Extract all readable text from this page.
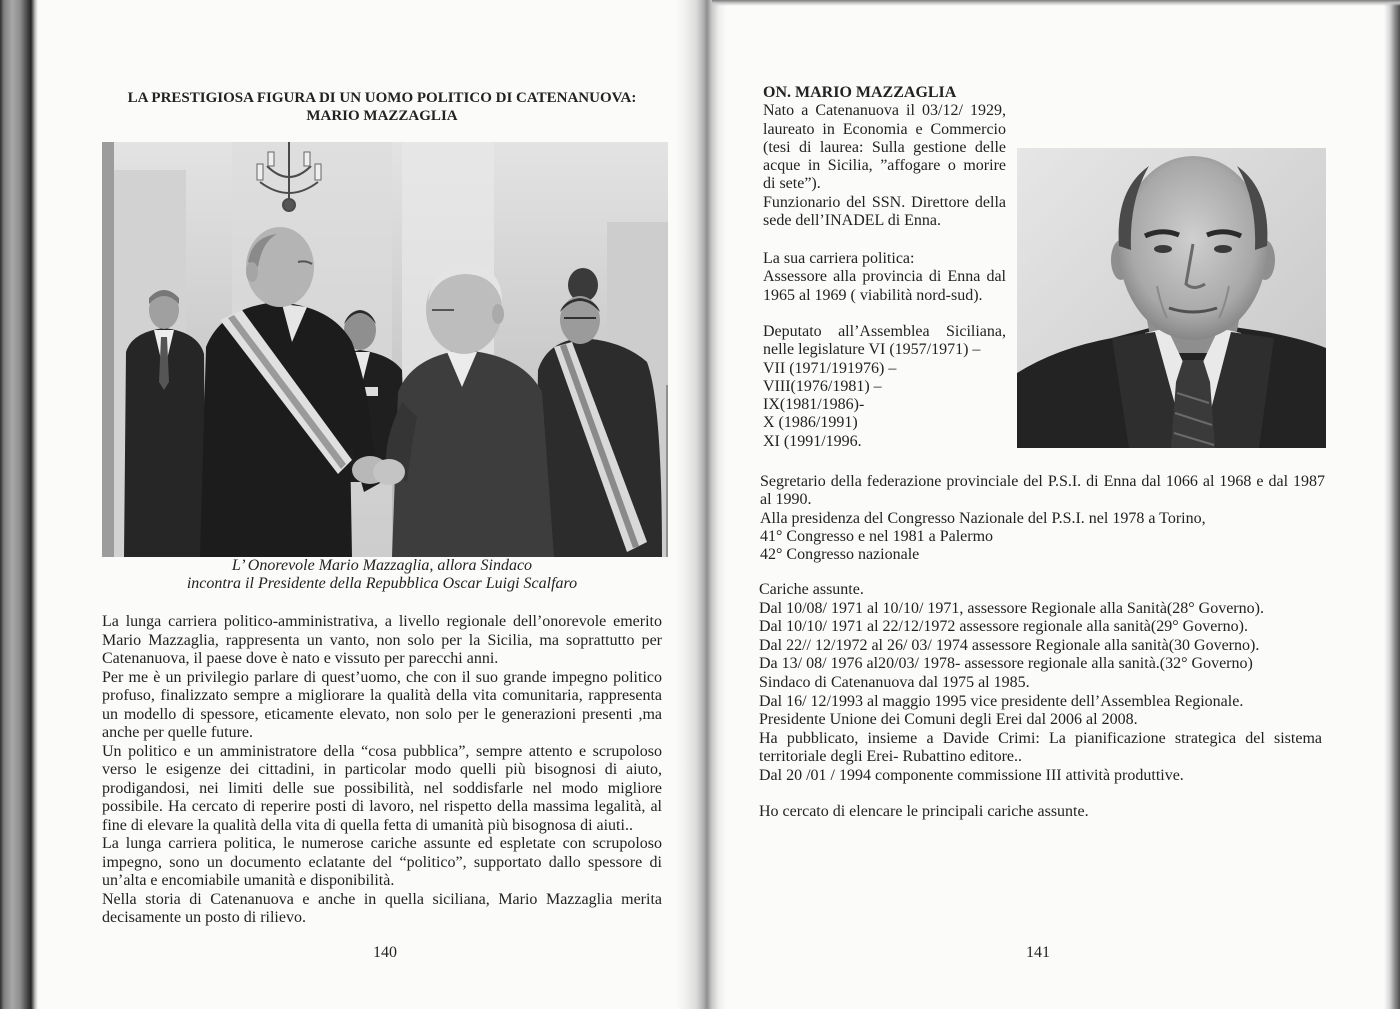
LA PRESTIGIOSA FIGURA DI UN UOMO POLITICO DI CATENANUOVA:
MARIO MAZZAGLIA
L’ Onorevole Mario Mazzaglia, allora Sindaco
incontra il Presidente della Repubblica Oscar Luigi Scalfaro
La lunga carriera politico-amministrativa, a livello regionale dell’onorevole emerito
Mario Mazzaglia, rappresenta un vanto, non solo per la Sicilia, ma soprattutto per
Catenanuova, il paese dove è nato e vissuto per parecchi anni.
Per me è un privilegio parlare di quest’uomo, che con il suo grande impegno politico
profuso, finalizzato sempre a migliorare la qualità della vita comunitaria, rappresenta
un modello di spessore, eticamente elevato, non solo per le generazioni presenti ,ma
anche per quelle future.
Un politico e un amministratore della “cosa pubblica”, sempre attento e scrupoloso
verso le esigenze dei cittadini, in particolar modo quelli più bisognosi di aiuto,
prodigandosi, nei limiti delle sue possibilità, nel soddisfarle nel modo migliore
possibile. Ha cercato di reperire posti di lavoro, nel rispetto della massima legalità, al
fine di elevare la qualità della vita di quella fetta di umanità più bisognosa di aiuti..
La lunga carriera politica, le numerose cariche assunte ed espletate con scrupoloso
impegno, sono un documento eclatante del “politico”, supportato dallo spessore di
un’alta e encomiabile umanità e disponibilità.
Nella storia di Catenanuova e anche in quella siciliana, Mario Mazzaglia merita
decisamente un posto di rilievo.
140
ON. MARIO MAZZAGLIA
Nato a Catenanuova il 03/12/ 1929,
laureato in Economia e Commercio
(tesi di laurea: Sulla gestione delle
acque in Sicilia, ”affogare o morire
di sete”).
Funzionario del SSN. Direttore della
sede dell’INADEL di Enna.
La sua carriera politica:
Assessore alla provincia di Enna dal
1965 al 1969 ( viabilità nord-sud).
Deputato all’Assemblea Siciliana,
nelle legislature VI (1957/1971) –
VII (1971/191976) –
VIII(1976/1981) –
IX(1981/1986)-
X (1986/1991)
XI (1991/1996.
Segretario della federazione provinciale del P.S.I. di Enna dal 1066 al 1968 e dal 1987
al 1990.
Alla presidenza del Congresso Nazionale del P.S.I. nel 1978 a Torino,
41° Congresso e nel 1981 a Palermo
42° Congresso nazionale
Cariche assunte.
Dal 10/08/ 1971 al 10/10/ 1971, assessore Regionale alla Sanità(28° Governo).
Dal 10/10/ 1971 al 22/12/1972 assessore regionale alla sanità(29° Governo).
Dal 22// 12/1972 al 26/ 03/ 1974 assessore Regionale alla sanità(30 Governo).
Da 13/ 08/ 1976 al20/03/ 1978- assessore regionale alla sanità.(32° Governo)
Sindaco di Catenanuova dal 1975 al 1985.
Dal 16/ 12/1993 al maggio 1995 vice presidente dell’Assemblea Regionale.
Presidente Unione dei Comuni degli Erei dal 2006 al 2008.
Ha pubblicato, insieme a Davide Crimi: La pianificazione strategica del sistema
territoriale degli Erei- Rubattino editore..
Dal 20 /01 / 1994 componente commissione III attività produttive.
Ho cercato di elencare le principali cariche assunte.
141
